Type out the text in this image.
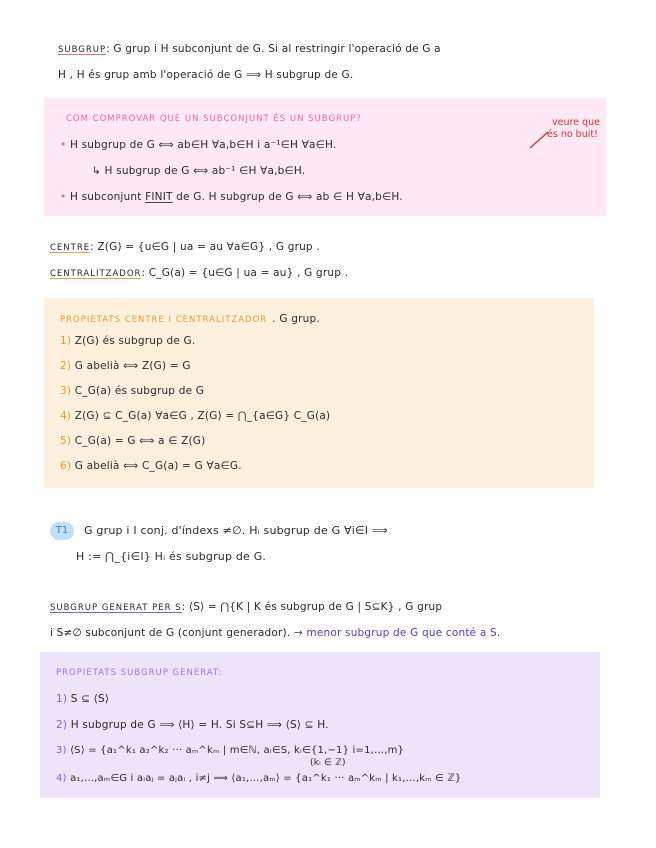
SUBGRUP: G grup i H subconjunt de G. Si al restringir l'operació de G a
H , H és grup amb l'operació de G ⟹ H subgrup de G.
COM COMPROVAR QUE UN SUBCONJUNT ÉS UN SUBGRUP?
• H subgrup de G ⟺ ab∈H ∀a,b∈H i a⁻¹∈H ∀a∈H.
↳ H subgrup de G ⟺ ab⁻¹ ∈H ∀a,b∈H.
• H subconjunt FINIT de G. H subgrup de G ⟺ ab ∈ H ∀a,b∈H.
veure que
és no buit!
CENTRE: Z(G) = {u∈G | ua = au ∀a∈G} , G grup .
CENTRALITZADOR: C_G(a) = {u∈G | ua = au} , G grup .
PROPIETATS CENTRE I CENTRALITZADOR . G grup.
1) Z(G) és subgrup de G.
2) G abelià ⟺ Z(G) = G
3) C_G(a) és subgrup de G
4) Z(G) ⊆ C_G(a) ∀a∈G , Z(G) = ⋂_{a∈G} C_G(a)
5) C_G(a) = G ⟺ a ∈ Z(G)
6) G abelià ⟺ C_G(a) = G ∀a∈G.
T1	G grup i I conj. d'índexs ≠∅. Hᵢ subgrup de G ∀i∈I ⟹
H := ⋂_{i∈I} Hᵢ és subgrup de G.
SUBGRUP GENERAT PER S: ⟨S⟩ = ⋂{K | K és subgrup de G | S⊆K} , G grup
i S≠∅ subconjunt de G (conjunt generador). → menor subgrup de G que conté a S.
PROPIETATS SUBGRUP GENERAT:
1) S ⊆ ⟨S⟩
2) H subgrup de G ⟹ ⟨H⟩ = H. Si S⊆H ⟹ ⟨S⟩ ⊆ H.
3) ⟨S⟩ = {a₁^k₁ a₂^k₂ ··· aₘ^kₘ | m∈ℕ, aᵢ∈S, kᵢ∈{1,−1} i=1,…,m}
(kᵢ ∈ ℤ)
4) a₁,…,aₘ∈G i aᵢaⱼ = aⱼaᵢ , i≠j ⟹ ⟨a₁,…,aₘ⟩ = {a₁^k₁ ··· aₘ^kₘ | k₁,…,kₘ ∈ ℤ}
